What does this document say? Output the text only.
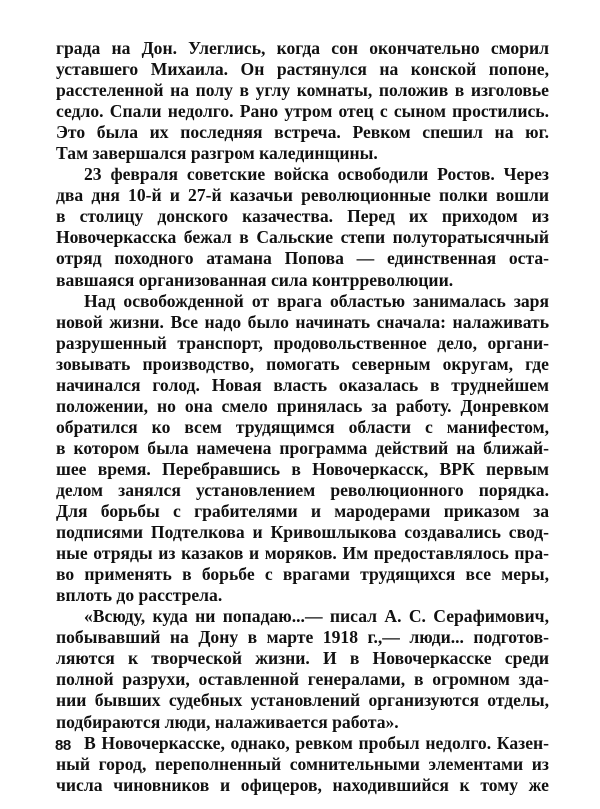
града на Дон. Улеглись, когда сон окончательно сморил
уставшего Михаила. Он растянулся на конской попоне,
расстеленной на полу в углу комнаты, положив в изголовье
седло. Спали недолго. Рано утром отец с сыном простились.
Это была их последняя встреча. Ревком спешил на юг.
Там завершался разгром калединщины.
23 февраля советские войска освободили Ростов. Через
два дня 10-й и 27-й казачьи революционные полки вошли
в столицу донского казачества. Перед их приходом из
Новочеркасска бежал в Сальские степи полутоpатысячный
отряд походного атамана Попова — единственная оста-
вавшаяся организованная сила контрреволюции.
Над освобожденной от врага областью занималась заря
новой жизни. Все надо было начинать сначала: налаживать
разрушенный транспорт, продовольственное дело, органи-
зовывать производство, помогать северным округам, где
начинался голод. Новая власть оказалась в труднейшем
положении, но она смело принялась за работу. Донревком
обратился ко всем трудящимся области с манифестом,
в котором была намечена программа действий на ближай-
шее время. Перебравшись в Новочеркасск, ВРК первым
делом занялся установлением революционного порядка.
Для борьбы с грабителями и мародерами приказом за
подписями Подтелкова и Кривошлыкова создавались свод-
ные отряды из казаков и моряков. Им предоставлялось пра-
во применять в борьбе с врагами трудящихся все меры,
вплоть до расстрела.
«Всюду, куда ни попадаю...— писал А. С. Серафимович,
побывавший на Дону в марте 1918 г.,— люди... подготов-
ляются к творческой жизни. И в Новочеркасске среди
полной разрухи, оставленной генералами, в огромном зда-
нии бывших судебных установлений организуются отделы,
подбираются люди, налаживается работа».
В Новочеркасске, однако, ревком пробыл недолго. Казен-
ный город, переполненный сомнительными элементами из
числа чиновников и офицеров, находившийся к тому же
88
